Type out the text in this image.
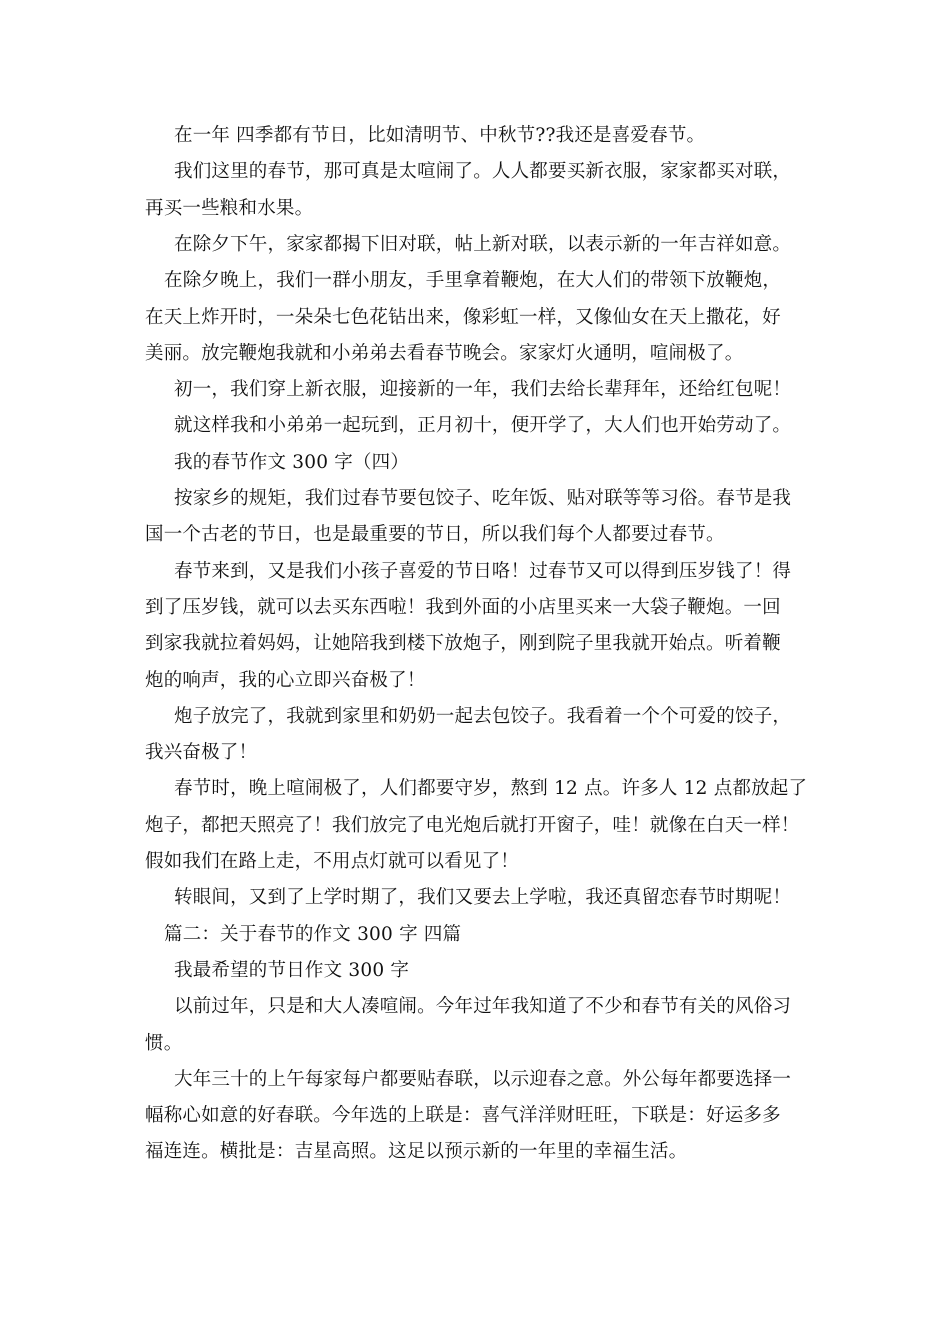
在一年 四季都有节日，比如清明节、中秋节??我还是喜爱春节。
我们这里的春节，那可真是太喧闹了。人人都要买新衣服，家家都买对联，
再买一些粮和水果。
在除夕下午，家家都揭下旧对联，帖上新对联，以表示新的一年吉祥如意。
在除夕晚上，我们一群小朋友，手里拿着鞭炮，在大人们的带领下放鞭炮，
在天上炸开时，一朵朵七色花钻出来，像彩虹一样，又像仙女在天上撒花，好
美丽。放完鞭炮我就和小弟弟去看春节晚会。家家灯火通明，喧闹极了。
初一，我们穿上新衣服，迎接新的一年，我们去给长辈拜年，还给红包呢！
就这样我和小弟弟一起玩到，正月初十，便开学了，大人们也开始劳动了。
我的春节作文 300 字（四）
按家乡的规矩，我们过春节要包饺子、吃年饭、贴对联等等习俗。春节是我
国一个古老的节日，也是最重要的节日，所以我们每个人都要过春节。
春节来到，又是我们小孩子喜爱的节日咯！过春节又可以得到压岁钱了！得
到了压岁钱，就可以去买东西啦！我到外面的小店里买来一大袋子鞭炮。一回
到家我就拉着妈妈，让她陪我到楼下放炮子，刚到院子里我就开始点。听着鞭
炮的响声，我的心立即兴奋极了！
炮子放完了，我就到家里和奶奶一起去包饺子。我看着一个个可爱的饺子，
我兴奋极了！
春节时，晚上喧闹极了，人们都要守岁，熬到 12 点。许多人 12 点都放起了
炮子，都把天照亮了！我们放完了电光炮后就打开窗子，哇！就像在白天一样！
假如我们在路上走，不用点灯就可以看见了！
转眼间，又到了上学时期了，我们又要去上学啦，我还真留恋春节时期呢！
篇二：关于春节的作文 300 字 四篇
我最希望的节日作文 300 字
以前过年，只是和大人凑喧闹。今年过年我知道了不少和春节有关的风俗习
惯。
大年三十的上午每家每户都要贴春联，以示迎春之意。外公每年都要选择一
幅称心如意的好春联。今年选的上联是：喜气洋洋财旺旺，下联是：好运多多
福连连。横批是：吉星高照。这足以预示新的一年里的幸福生活。
